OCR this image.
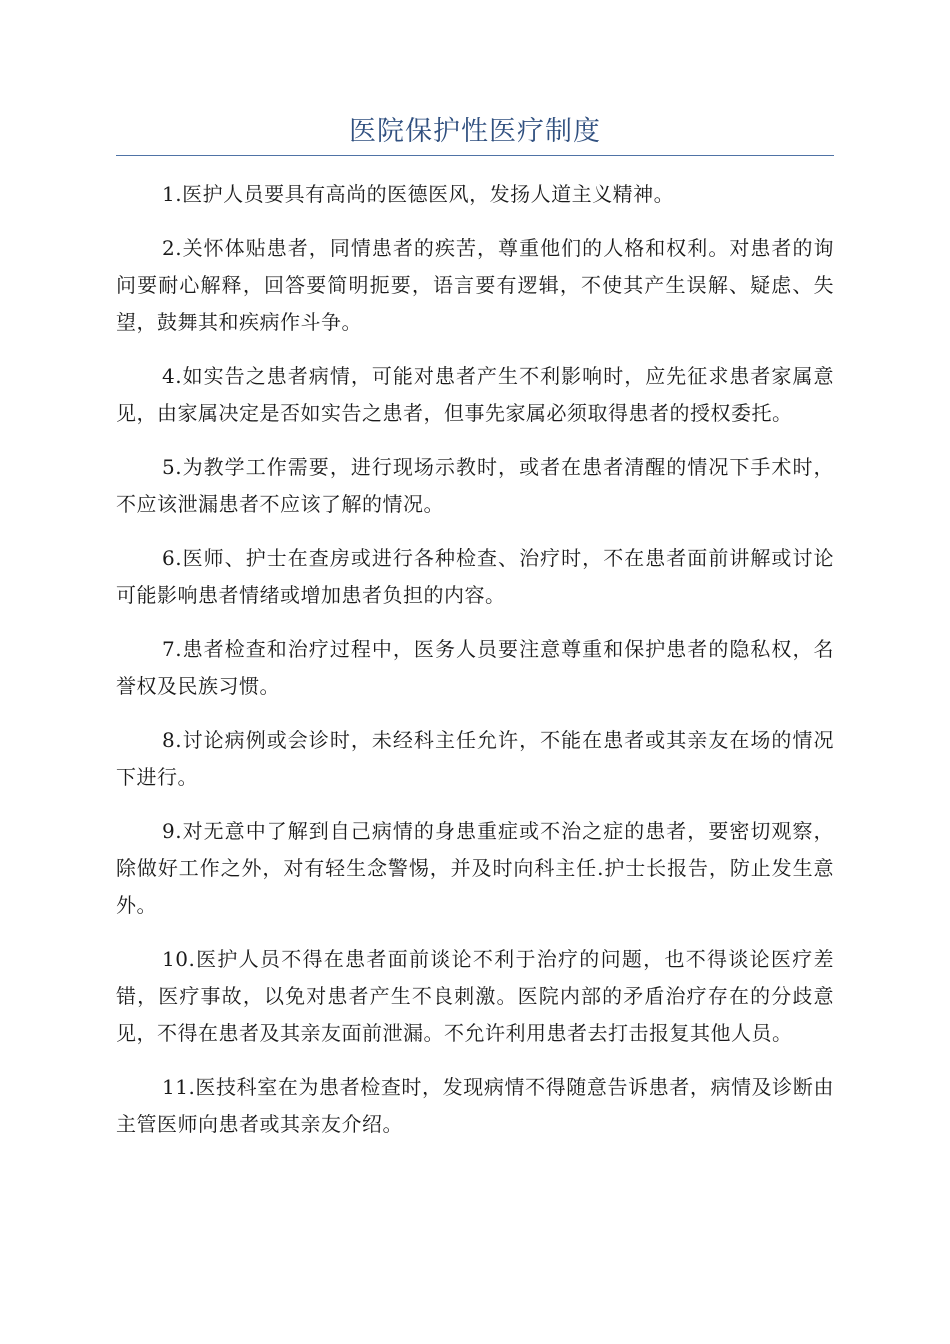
医院保护性医疗制度

1.医护人员要具有高尚的医德医风，发扬人道主义精神。

2.关怀体贴患者，同情患者的疾苦，尊重他们的人格和权利。对患者的询问要耐心解释，回答要简明扼要，语言要有逻辑，不使其产生误解、疑虑、失望，鼓舞其和疾病作斗争。

4.如实告之患者病情，可能对患者产生不利影响时，应先征求患者家属意见，由家属决定是否如实告之患者，但事先家属必须取得患者的授权委托。

5.为教学工作需要，进行现场示教时，或者在患者清醒的情况下手术时，不应该泄漏患者不应该了解的情况。

6.医师、护士在查房或进行各种检查、治疗时，不在患者面前讲解或讨论可能影响患者情绪或增加患者负担的内容。

7.患者检查和治疗过程中，医务人员要注意尊重和保护患者的隐私权，名誉权及民族习惯。

8.讨论病例或会诊时，未经科主任允许，不能在患者或其亲友在场的情况下进行。

9.对无意中了解到自己病情的身患重症或不治之症的患者，要密切观察，除做好工作之外，对有轻生念警惕，并及时向科主任.护士长报告，防止发生意外。

10.医护人员不得在患者面前谈论不利于治疗的问题，也不得谈论医疗差错，医疗事故，以免对患者产生不良刺激。医院内部的矛盾治疗存在的分歧意见，不得在患者及其亲友面前泄漏。不允许利用患者去打击报复其他人员。

11.医技科室在为患者检查时，发现病情不得随意告诉患者，病情及诊断由主管医师向患者或其亲友介绍。
